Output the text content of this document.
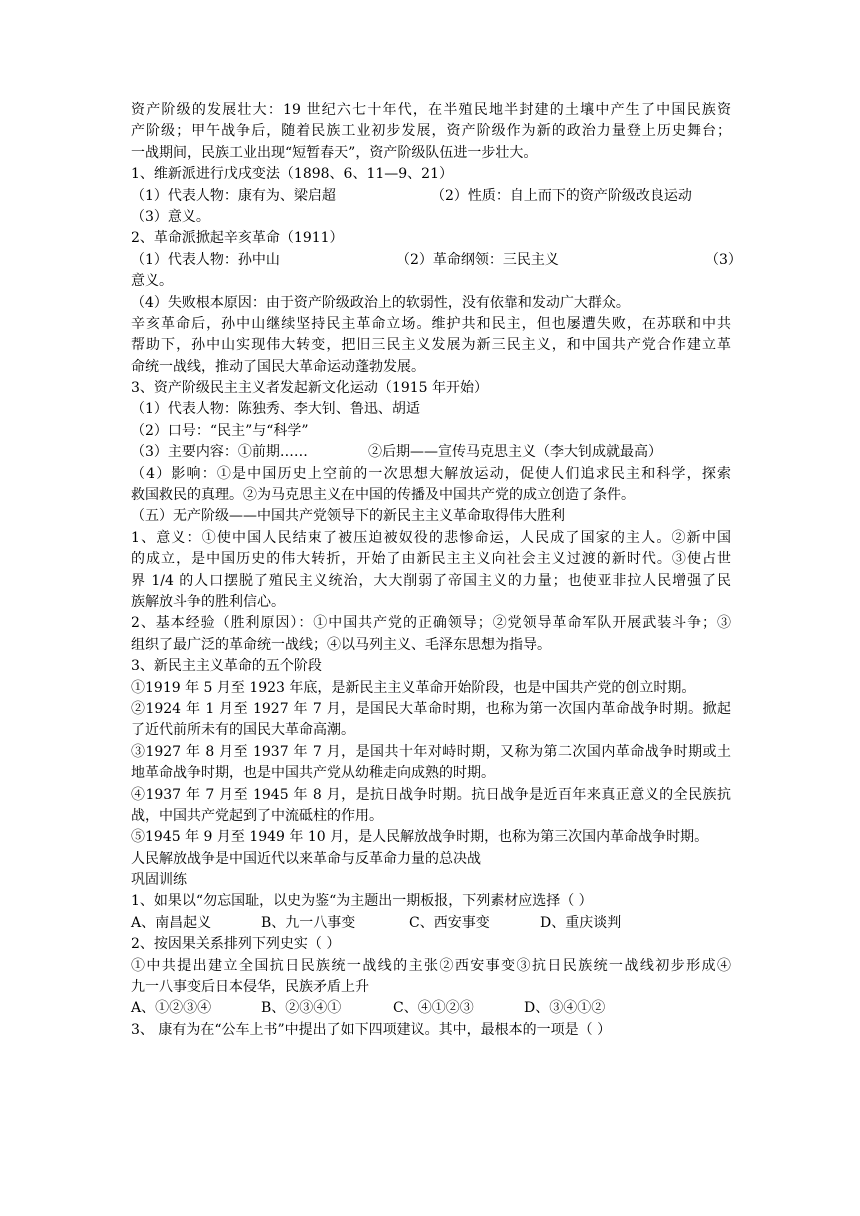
资产阶级的发展壮大：19 世纪六七十年代，在半殖民地半封建的土壤中产生了中国民族资
产阶级；甲午战争后，随着民族工业初步发展，资产阶级作为新的政治力量登上历史舞台；
一战期间，民族工业出现“短暂春天”，资产阶级队伍进一步壮大。
1、维新派进行戊戌变法（1898、6、11—9、21）
（1）代表人物：康有为、梁启超	（2）性质：自上而下的资产阶级改良运动
（3）意义。
2、革命派掀起辛亥革命（1911）
（1）代表人物：孙中山	（2）革命纲领：三民主义	（3）
意义。
（4）失败根本原因：由于资产阶级政治上的软弱性，没有依靠和发动广大群众。
辛亥革命后，孙中山继续坚持民主革命立场。维护共和民主，但也屡遭失败，在苏联和中共
帮助下，孙中山实现伟大转变，把旧三民主义发展为新三民主义，和中国共产党合作建立革
命统一战线，推动了国民大革命运动蓬勃发展。
3、资产阶级民主主义者发起新文化运动（1915 年开始）
（1）代表人物：陈独秀、李大钊、鲁迅、胡适
（2）口号：“民主”与“科学”
（3）主要内容：①前期……	②后期——宣传马克思主义（李大钊成就最高）
（4）影响：①是中国历史上空前的一次思想大解放运动，促使人们追求民主和科学，探索
救国救民的真理。②为马克思主义在中国的传播及中国共产党的成立创造了条件。
（五）无产阶级——中国共产党领导下的新民主主义革命取得伟大胜利
1、意义：①使中国人民结束了被压迫被奴役的悲惨命运，人民成了国家的主人。②新中国
的成立，是中国历史的伟大转折，开始了由新民主主义向社会主义过渡的新时代。③使占世
界 1/4 的人口摆脱了殖民主义统治，大大削弱了帝国主义的力量；也使亚非拉人民增强了民
族解放斗争的胜利信心。
2、基本经验（胜利原因）：①中国共产党的正确领导；②党领导革命军队开展武装斗争；③
组织了最广泛的革命统一战线；④以马列主义、毛泽东思想为指导。
3、新民主主义革命的五个阶段
①1919 年 5 月至 1923 年底，是新民主主义革命开始阶段，也是中国共产党的创立时期。
②1924 年 1 月至 1927 年 7 月，是国民大革命时期，也称为第一次国内革命战争时期。掀起
了近代前所未有的国民大革命高潮。
③1927 年 8 月至 1937 年 7 月，是国共十年对峙时期，又称为第二次国内革命战争时期或土
地革命战争时期，也是中国共产党从幼稚走向成熟的时期。
④1937 年 7 月至 1945 年 8 月，是抗日战争时期。抗日战争是近百年来真正意义的全民族抗
战，中国共产党起到了中流砥柱的作用。
⑤1945 年 9 月至 1949 年 10 月，是人民解放战争时期，也称为第三次国内革命战争时期。
人民解放战争是中国近代以来革命与反革命力量的总决战
巩固训练
1、如果以“勿忘国耻，以史为鉴“为主题出一期板报，下列素材应选择（ ）
A、南昌起义	B、九一八事变	C、西安事变	D、重庆谈判
2、按因果关系排列下列史实（ ）
①中共提出建立全国抗日民族统一战线的主张②西安事变③抗日民族统一战线初步形成④
九一八事变后日本侵华，民族矛盾上升
A、①②③④	B、②③④①	C、④①②③	D、③④①②
3、 康有为在“公车上书”中提出了如下四项建议。其中，最根本的一项是（ ）
